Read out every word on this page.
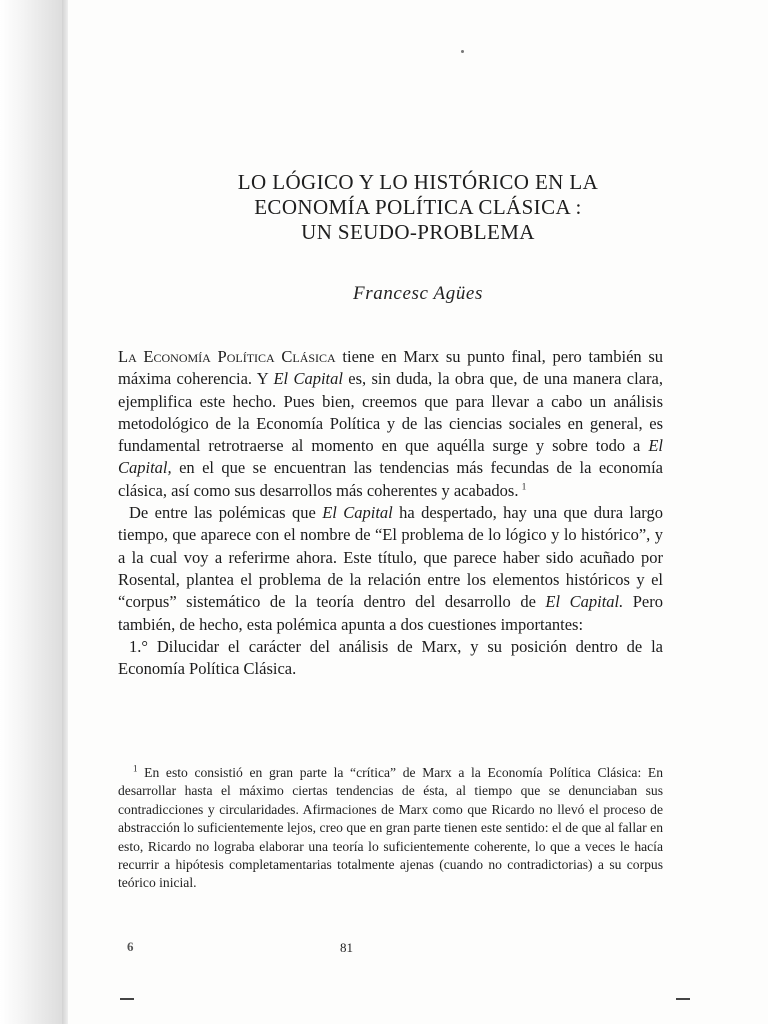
LO LÓGICO Y LO HISTÓRICO EN LA
ECONOMÍA POLÍTICA CLÁSICA :
UN SEUDO-PROBLEMA
Francesc Agües

La Economía Política Clásica tiene en Marx su punto final, pero también su máxima coherencia. Y El Capital es, sin duda, la obra que, de una manera clara, ejemplifica este hecho. Pues bien, creemos que para llevar a cabo un análisis metodológico de la Economía Política y de las ciencias sociales en general, es fundamental retrotraerse al momento en que aquélla surge y sobre todo a El Capital, en el que se encuentran las tendencias más fecundas de la economía clásica, así como sus desarrollos más coherentes y acabados.  $^1$

De entre las polémicas que El Capital ha despertado, hay una que dura largo tiempo, que aparece con el nombre de “El problema de lo lógico y lo histórico”, y a la cual voy a referirme ahora. Este título, que parece haber sido acuñado por Rosental, plantea el problema de la relación entre los elementos históricos y el “corpus” sistemático de la teoría dentro del desarrollo de El Capital. Pero también, de hecho, esta polémica apunta a dos cuestiones importantes:

1.° Dilucidar el carácter del análisis de Marx, y su posición dentro de la Economía Política Clásica.

$^1$ En esto consistió en gran parte la “crítica” de Marx a la Economía Política Clásica: En desarrollar hasta el máximo ciertas tendencias de ésta, al tiempo que se denunciaban sus contradicciones y circularidades. Afirmaciones de Marx como que Ricardo no llevó el proceso de abstracción lo suficientemente lejos, creo que en gran parte tienen este sentido: el de que al fallar en esto, Ricardo no lograba elaborar una teoría lo suficientemente coherente, lo que a veces le hacía recurrir a hipótesis completamentarias totalmente ajenas (cuando no contradictorias) a su corpus teórico inicial.

6	81
